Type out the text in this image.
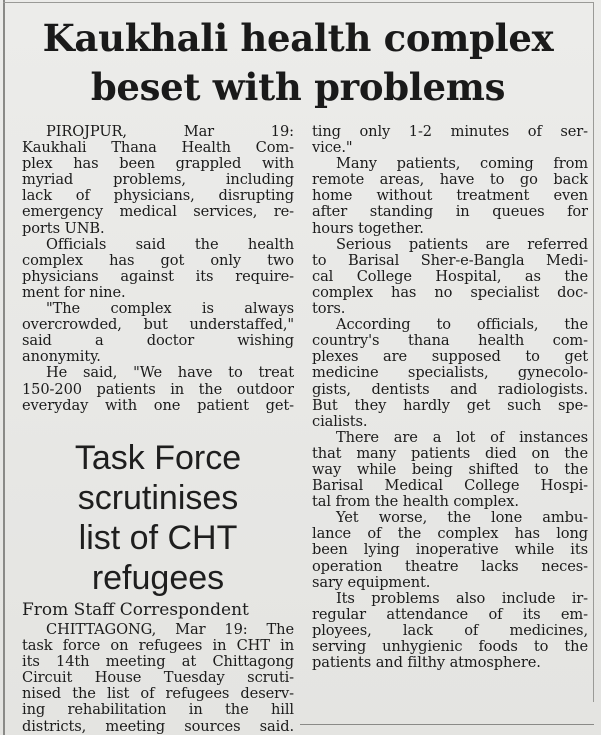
Kaukhali health complex
beset with problems
PIROJPUR, Mar 19:
Kaukhali Thana Health Com-
plex has been grappled with
myriad problems, including
lack of physicians, disrupting
emergency medical services, re-
ports UNB.
Officials said the health
complex has got only two
physicians against its require-
ment for nine.
"The complex is always
overcrowded, but understaffed,"
said a doctor wishing
anonymity.
He said, "We have to treat
150-200 patients in the outdoor
everyday with one patient get-
Task Force
scrutinises
list of CHT
refugees
From Staff Correspondent
CHITTAGONG, Mar 19: The
task force on refugees in CHT in
its 14th meeting at Chittagong
Circuit House Tuesday scruti-
nised the list of refugees deserv-
ing rehabilitation in the hill
districts, meeting sources said.
ting only 1-2 minutes of ser-
vice."
Many patients, coming from
remote areas, have to go back
home without treatment even
after standing in queues for
hours together.
Serious patients are referred
to Barisal Sher-e-Bangla Medi-
cal College Hospital, as the
complex has no specialist doc-
tors.
According to officials, the
country's thana health com-
plexes are supposed to get
medicine specialists, gynecolo-
gists, dentists and radiologists.
But they hardly get such spe-
cialists.
There are a lot of instances
that many patients died on the
way while being shifted to the
Barisal Medical College Hospi-
tal from the health complex.
Yet worse, the lone ambu-
lance of the complex has long
been lying inoperative while its
operation theatre lacks neces-
sary equipment.
Its problems also include ir-
regular attendance of its em-
ployees, lack of medicines,
serving unhygienic foods to the
patients and filthy atmosphere.
